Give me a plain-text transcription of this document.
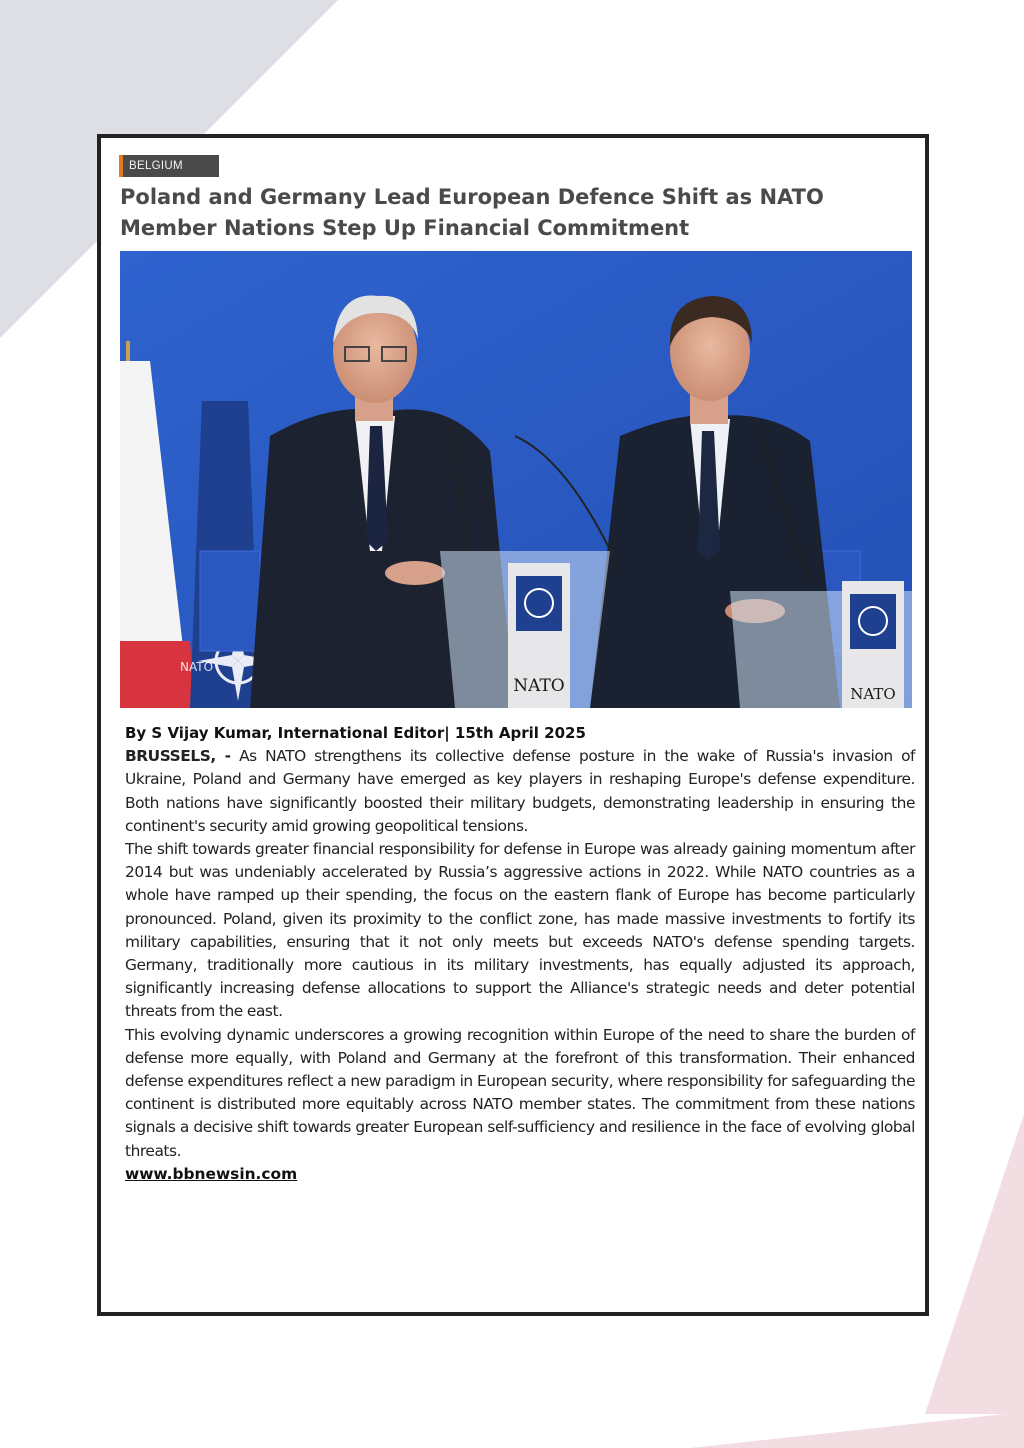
BELGIUM
Poland and Germany Lead European Defence Shift as NATO Member Nations Step Up Financial Commitment
NATO	NATO
NATO

By S Vijay Kumar, International Editor| 15th April 2025

BRUSSELS, - As NATO strengthens its collective defense posture in the wake of Russia's invasion of Ukraine, Poland and Germany have emerged as key players in reshaping Europe's defense expenditure. Both nations have significantly boosted their military budgets, demonstrating leadership in ensuring the continent's security amid growing geopolitical tensions.

The shift towards greater financial responsibility for defense in Europe was already gaining momentum after 2014 but was undeniably accelerated by Russia’s aggressive actions in 2022. While NATO countries as a whole have ramped up their spending, the focus on the eastern flank of Europe has become particularly pronounced. Poland, given its proximity to the conflict zone, has made massive investments to fortify its military capabilities, ensuring that it not only meets but exceeds NATO's defense spending targets. Germany, traditionally more cautious in its military investments, has equally adjusted its approach, significantly increasing defense allocations to support the Alliance's strategic needs and deter potential threats from the east.

This evolving dynamic underscores a growing recognition within Europe of the need to share the burden of defense more equally, with Poland and Germany at the forefront of this transformation. Their enhanced defense expenditures reflect a new paradigm in European security, where responsibility for safeguarding the continent is distributed more equitably across NATO member states. The commitment from these nations signals a decisive shift towards greater European self-sufficiency and resilience in the face of evolving global threats.

www.bbnewsin.com
